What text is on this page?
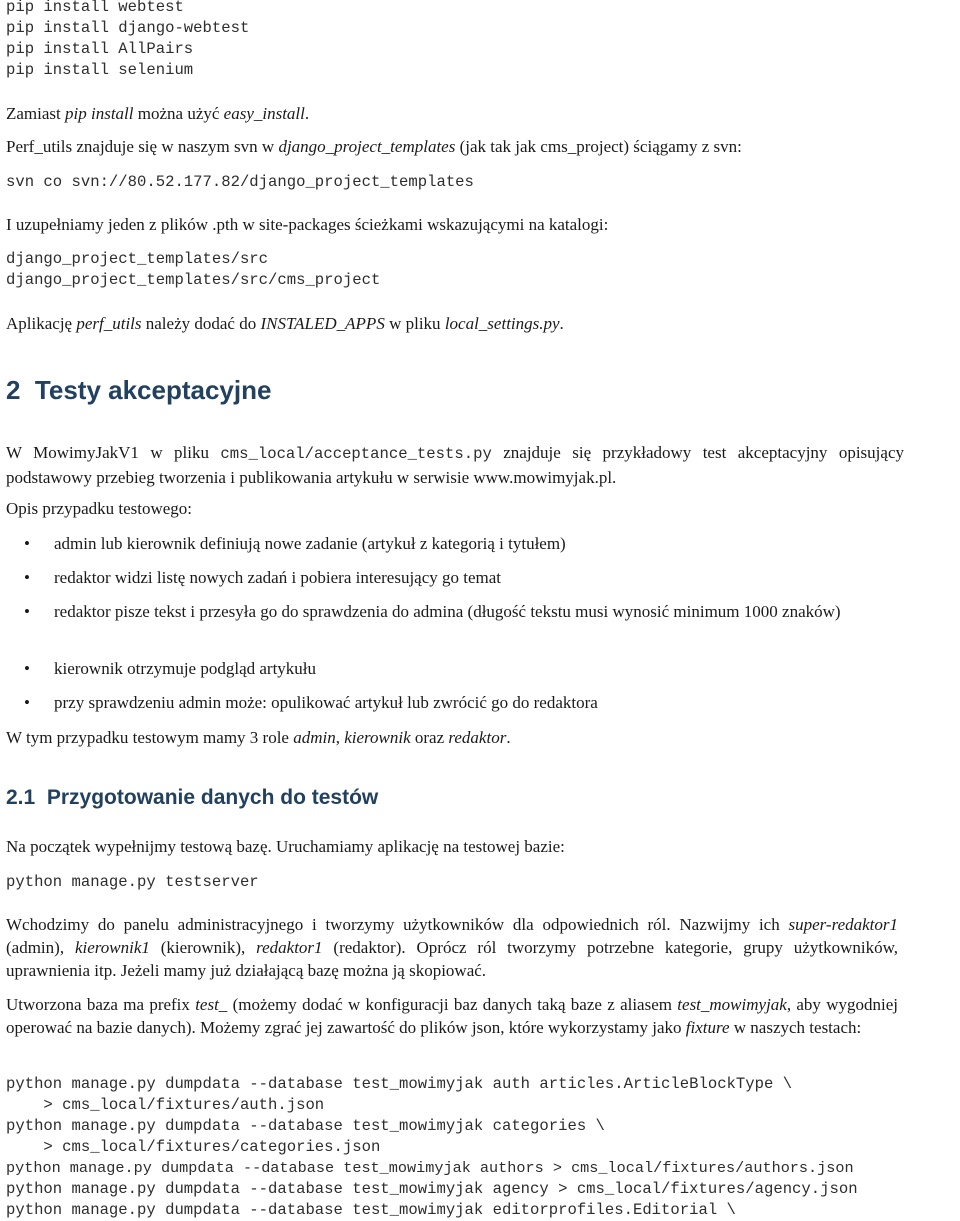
pip install webtest
pip install django-webtest
pip install AllPairs
pip install selenium
Zamiast pip install można użyć easy_install.
Perf_utils znajduje się w naszym svn w django_project_templates (jak tak jak cms_project) ściągamy z svn:
svn co svn://80.52.177.82/django_project_templates
I uzupełniamy jeden z plików .pth w site-packages ścieżkami wskazującymi na katalogi:
django_project_templates/src
django_project_templates/src/cms_project
Aplikację perf_utils należy dodać do INSTALED_APPS w pliku local_settings.py.
2 Testy akceptacyjne
W MowimyJakV1 w pliku cms_local/acceptance_tests.py znajduje się przykładowy test akceptacyjny opisujący podstawowy przebieg tworzenia i publikowania artykułu w serwisie www.mowimyjak.pl.
Opis przypadku testowego:
• admin lub kierownik definiują nowe zadanie (artykuł z kategorią i tytułem)
• redaktor widzi listę nowych zadań i pobiera interesujący go temat
• redaktor pisze tekst i przesyła go do sprawdzenia do admina (długość tekstu musi wynosić minimum 1000 znaków)
• kierownik otrzymuje podgląd artykułu
• przy sprawdzeniu admin może: opulikować artykuł lub zwrócić go do redaktora
W tym przypadku testowym mamy 3 role admin, kierownik oraz redaktor.
2.1 Przygotowanie danych do testów
Na początek wypełnijmy testową bazę. Uruchamiamy aplikację na testowej bazie:
python manage.py testserver
Wchodzimy do panelu administracyjnego i tworzymy użytkowników dla odpowiednich ról. Nazwijmy ich super-redaktor1 (admin), kierownik1 (kierownik), redaktor1 (redaktor). Oprócz ról tworzymy potrzebne kategorie, grupy użytkowników, uprawnienia itp. Jeżeli mamy już działającą bazę można ją skopiować.
Utworzona baza ma prefix test_ (możemy dodać w konfiguracji baz danych taką baze z aliasem test_mowimyjak, aby wygodniej operować na bazie danych). Możemy zgrać jej zawartość do plików json, które wykorzystamy jako fixture w naszych testach:
python manage.py dumpdata --database test_mowimyjak auth articles.ArticleBlockType \
> cms_local/fixtures/auth.json
python manage.py dumpdata --database test_mowimyjak categories \
> cms_local/fixtures/categories.json
python manage.py dumpdata --database test_mowimyjak authors > cms_local/fixtures/authors.json
python manage.py dumpdata --database test_mowimyjak agency > cms_local/fixtures/agency.json
python manage.py dumpdata --database test_mowimyjak editorprofiles.Editorial \
